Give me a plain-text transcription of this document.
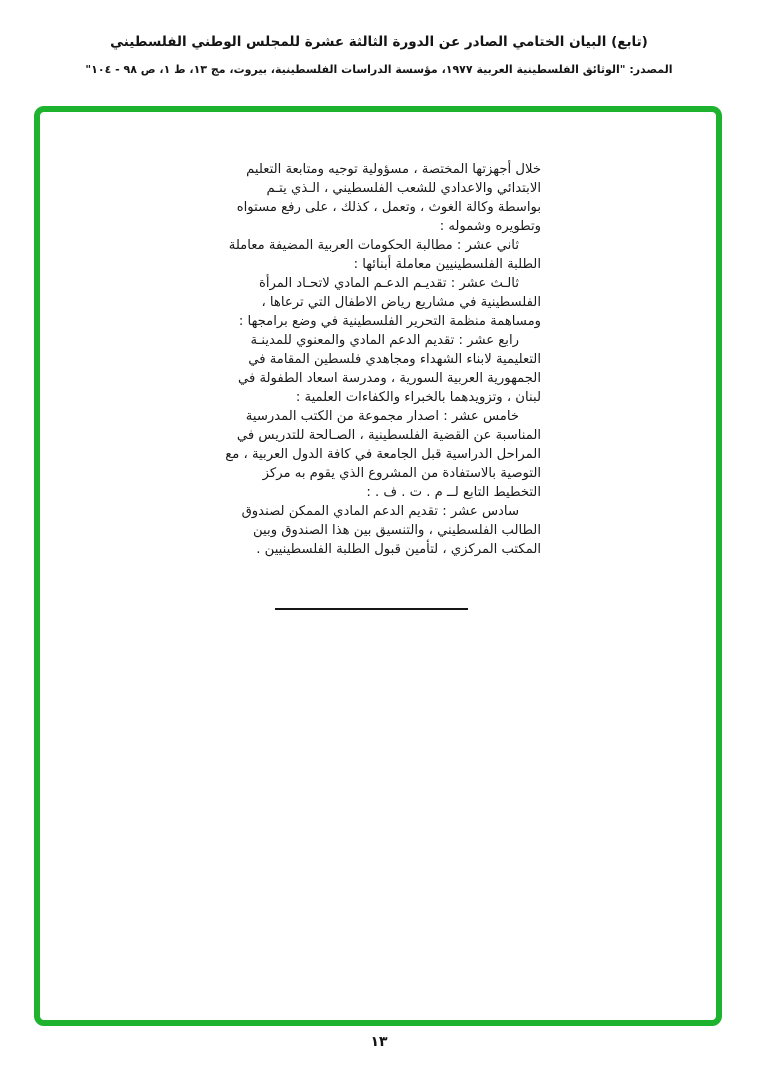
(تابع) البيان الختامي الصادر عن الدورة الثالثة عشرة للمجلس الوطني الفلسطيني
المصدر: "الوثائق الفلسطينية العربية ١٩٧٧، مؤسسة الدراسات الفلسطينية، بيروت، مج ١٣، ط ١، ص ٩٨ - ١٠٤"
خلال أجهزتها المختصة ، مسؤولية توجيه ومتابعة التعليم
الابتدائي والاعدادي للشعب الفلسطيني ، الـذي يتـم
بواسطة وكالة الغوث ، وتعمل ، كذلك ، على رفع مستواه
وتطويره وشموله :
ثاني عشر : مطالبة الحكومات العربية المضيفة معاملة
الطلبة الفلسطينيين معاملة أبنائها :
ثالـث عشر : تقديـم الدعـم المادي لاتحـاد المرأة
الفلسطينية في مشاريع رياض الاطفال التي ترعاها ،
ومساهمة منظمة التحرير الفلسطينية في وضع برامجها :
رابع عشر : تقديم الدعم المادي والمعنوي للمدينـة
التعليمية لابناء الشهداء ومجاهدي فلسطين المقامة في
الجمهورية العربية السورية ، ومدرسة اسعاد الطفولة في
لبنان ، وتزويدهما بالخبراء والكفاءات العلمية :
خامس عشر : اصدار مجموعة من الكتب المدرسية
المناسبة عن القضية الفلسطينية ، الصـالحة للتدريس في
المراحل الدراسية قبل الجامعة في كافة الدول العربية ، مع
التوصية بالاستفادة من المشروع الذي يقوم به مركز
التخطيط التابع لــ م . ت . ف . :
سادس عشر : تقديم الدعم المادي الممكن لصندوق
الطالب الفلسطيني ، والتنسيق بين هذا الصندوق وبين
المكتب المركزي ، لتأمين قبول الطلبة الفلسطينيين .
١٣
